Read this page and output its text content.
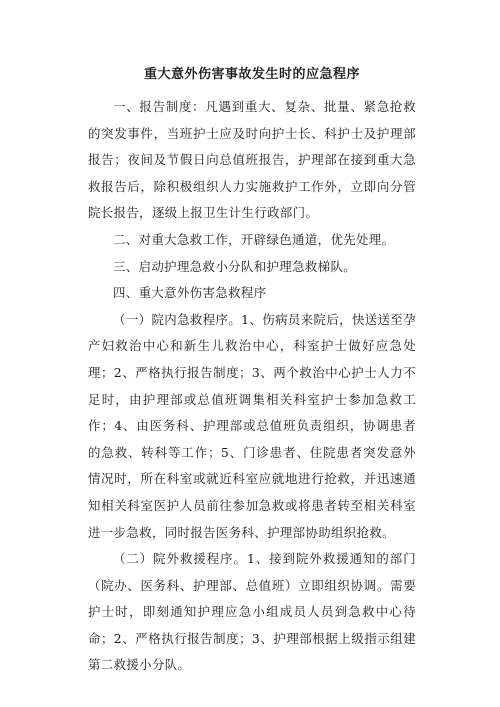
重大意外伤害事故发生时的应急程序

一、报告制度：凡遇到重大、复杂、批量、紧急抢救的突发事件，当班护士应及时向护士长、科护士及护理部报告；夜间及节假日向总值班报告，护理部在接到重大急救报告后，除积极组织人力实施救护工作外，立即向分管院长报告，逐级上报卫生计生行政部门。

二、对重大急救工作，开辟绿色通道，优先处理。

三、启动护理急救小分队和护理急救梯队。

四、重大意外伤害急救程序

（一）院内急救程序。1、伤病员来院后，快送送至孕产妇救治中心和新生儿救治中心，科室护士做好应急处理；2、严格执行报告制度；3、两个救治中心护士人力不足时，由护理部或总值班调集相关科室护士参加急救工作；4、由医务科、护理部或总值班负责组织，协调患者的急救、转科等工作；5、门诊患者、住院患者突发意外情况时，所在科室或就近科室应就地进行抢救，并迅速通知相关科室医护人员前往参加急救或将患者转至相关科室进一步急救，同时报告医务科、护理部协助组织抢救。

（二）院外救援程序。1、接到院外救援通知的部门（院办、医务科、护理部、总值班）立即组织协调。需要护士时，即刻通知护理应急小组成员人员到急救中心待命；2、严格执行报告制度；3、护理部根据上级指示组建第二救援小分队。
